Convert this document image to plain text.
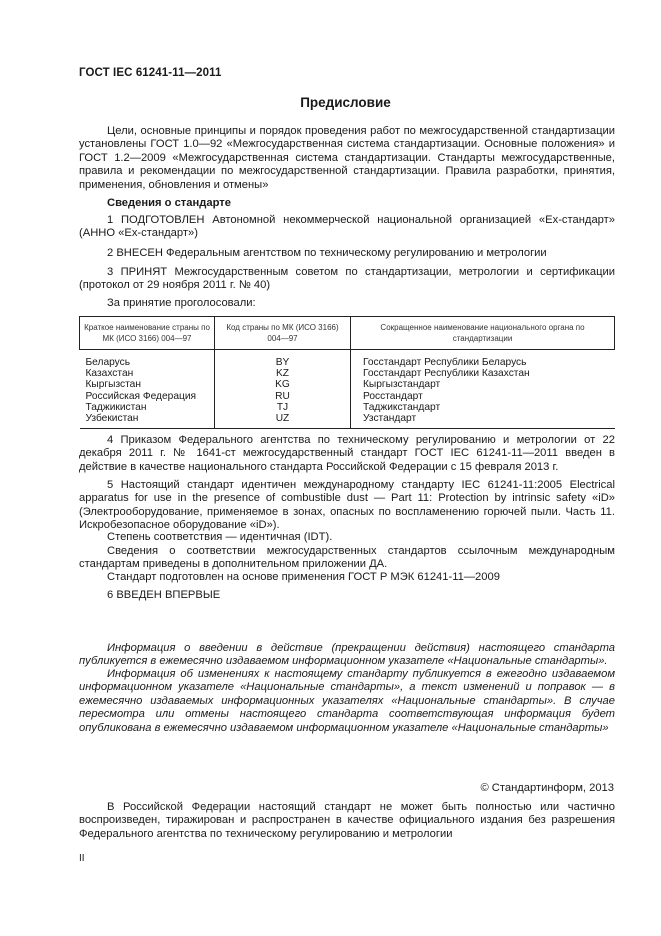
ГОСТ IEC 61241-11—2011
Предисловие
Цели, основные принципы и порядок проведения работ по межгосударственной стандартизации установлены ГОСТ 1.0—92 «Межгосударственная система стандартизации. Основные положения» и ГОСТ 1.2—2009 «Межгосударственная система стандартизации. Стандарты межгосударственные, правила и рекомендации по межгосударственной стандартизации. Правила разработки, принятия, применения, обновления и отмены»
Сведения о стандарте
1 ПОДГОТОВЛЕН Автономной некоммерческой национальной организацией «Ех-стандарт» (АННО «Ех-стандарт»)
2 ВНЕСЕН Федеральным агентством по техническому регулированию и метрологии
3 ПРИНЯТ Межгосударственным советом по стандартизации, метрологии и сертификации (протокол от 29 ноября 2011 г. № 40)
За принятие проголосовали:
Краткое наименование страны по МК (ИСО 3166) 004—97	Код страны по МК (ИСО 3166) 004—97	Сокращенное наименование национального органа по стандартизации
Беларусь	BY	Госстандарт Республики Беларусь
Казахстан	KZ	Госстандарт Республики Казахстан
Кыргызстан	KG	Кыргызстандарт
Российская Федерация	RU	Росстандарт
Таджикистан	TJ	Таджикстандарт
Узбекистан	UZ	Узстандарт
4 Приказом Федерального агентства по техническому регулированию и метрологии от 22 декабря 2011 г. № 1641-ст межгосударственный стандарт ГОСТ IEC 61241-11—2011 введен в действие в качестве национального стандарта Российской Федерации с 15 февраля 2013 г.
5 Настоящий стандарт идентичен международному стандарту IEC 61241-11:2005 Electrical apparatus for use in the presence of combustible dust — Part 11: Protection by intrinsic safety «iD» (Электрооборудование, применяемое в зонах, опасных по воспламенению горючей пыли. Часть 11. Искробезопасное оборудование «iD»).
Степень соответствия — идентичная (IDT).
Сведения о соответствии межгосударственных стандартов ссылочным международным стандартам приведены в дополнительном приложении ДА.
Стандарт подготовлен на основе применения ГОСТ Р МЭК 61241-11—2009
6 ВВЕДЕН ВПЕРВЫЕ
Информация о введении в действие (прекращении действия) настоящего стандарта публикуется в ежемесячно издаваемом информационном указателе «Национальные стандарты».
Информация об изменениях к настоящему стандарту публикуется в ежегодно издаваемом информационном указателе «Национальные стандарты», а текст изменений и поправок — в ежемесячно издаваемых информационных указателях «Национальные стандарты». В случае пересмотра или отмены настоящего стандарта соответствующая информация будет опубликована в ежемесячно издаваемом информационном указателе «Национальные стандарты»
© Стандартинформ, 2013
В Российской Федерации настоящий стандарт не может быть полностью или частично воспроизведен, тиражирован и распространен в качестве официального издания без разрешения Федерального агентства по техническому регулированию и метрологии
II
